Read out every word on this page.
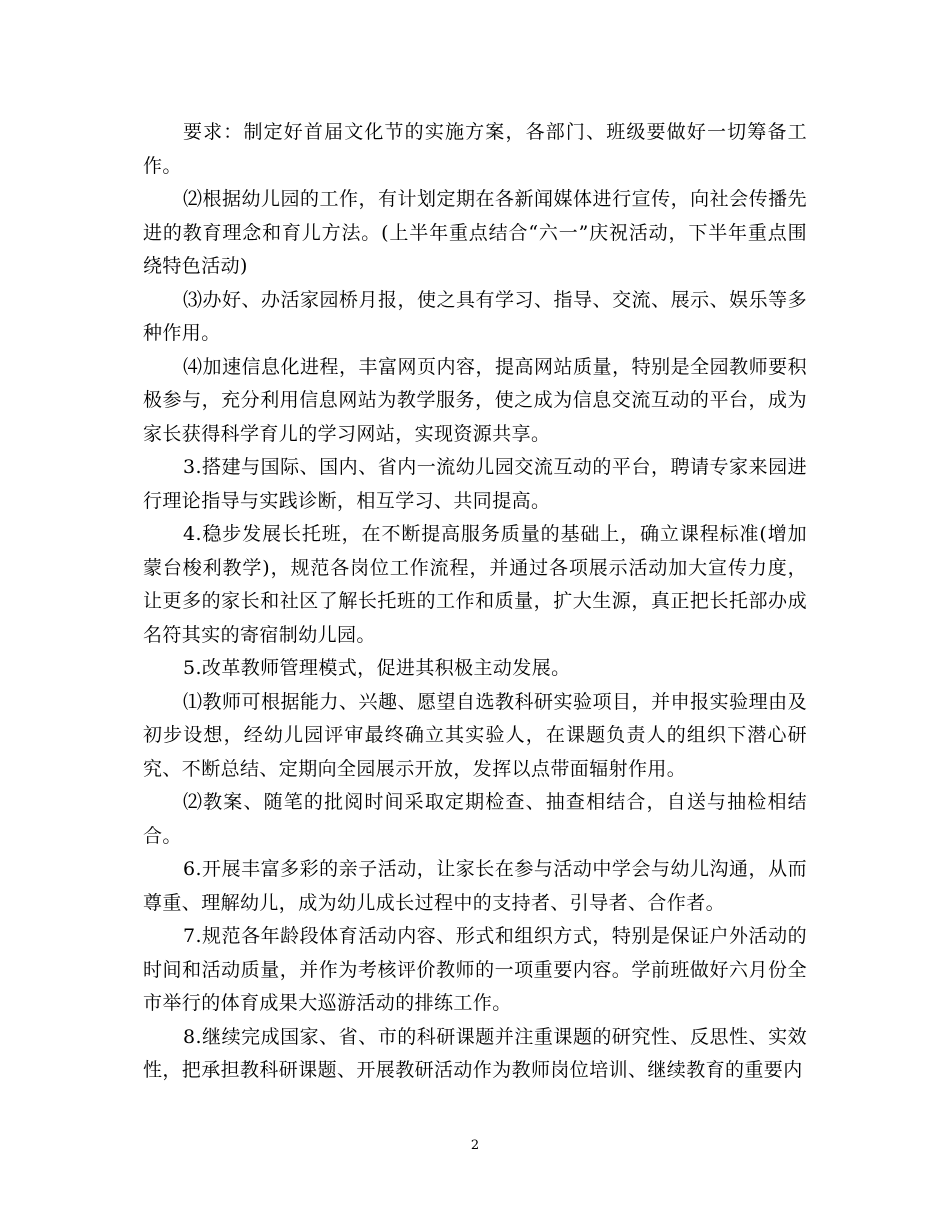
要求：制定好首届文化节的实施方案，各部门、班级要做好一切筹备工作。

⑵根据幼儿园的工作，有计划定期在各新闻媒体进行宣传，向社会传播先进的教育理念和育儿方法。(上半年重点结合“六一”庆祝活动，下半年重点围绕特色活动)

⑶办好、办活家园桥月报，使之具有学习、指导、交流、展示、娱乐等多种作用。

⑷加速信息化进程，丰富网页内容，提高网站质量，特别是全园教师要积极参与，充分利用信息网站为教学服务，使之成为信息交流互动的平台，成为家长获得科学育儿的学习网站，实现资源共享。

3.搭建与国际、国内、省内一流幼儿园交流互动的平台，聘请专家来园进行理论指导与实践诊断，相互学习、共同提高。

4.稳步发展长托班，在不断提高服务质量的基础上，确立课程标准(增加蒙台梭利教学)，规范各岗位工作流程，并通过各项展示活动加大宣传力度，让更多的家长和社区了解长托班的工作和质量，扩大生源，真正把长托部办成名符其实的寄宿制幼儿园。

5.改革教师管理模式，促进其积极主动发展。

⑴教师可根据能力、兴趣、愿望自选教科研实验项目，并申报实验理由及初步设想，经幼儿园评审最终确立其实验人，在课题负责人的组织下潜心研究、不断总结、定期向全园展示开放，发挥以点带面辐射作用。

⑵教案、随笔的批阅时间采取定期检查、抽查相结合，自送与抽检相结合。

6.开展丰富多彩的亲子活动，让家长在参与活动中学会与幼儿沟通，从而尊重、理解幼儿，成为幼儿成长过程中的支持者、引导者、合作者。

7.规范各年龄段体育活动内容、形式和组织方式，特别是保证户外活动的时间和活动质量，并作为考核评价教师的一项重要内容。学前班做好六月份全市举行的体育成果大巡游活动的排练工作。

8.继续完成国家、省、市的科研课题并注重课题的研究性、反思性、实效性，把承担教科研课题、开展教研活动作为教师岗位培训、继续教育的重要内

2
